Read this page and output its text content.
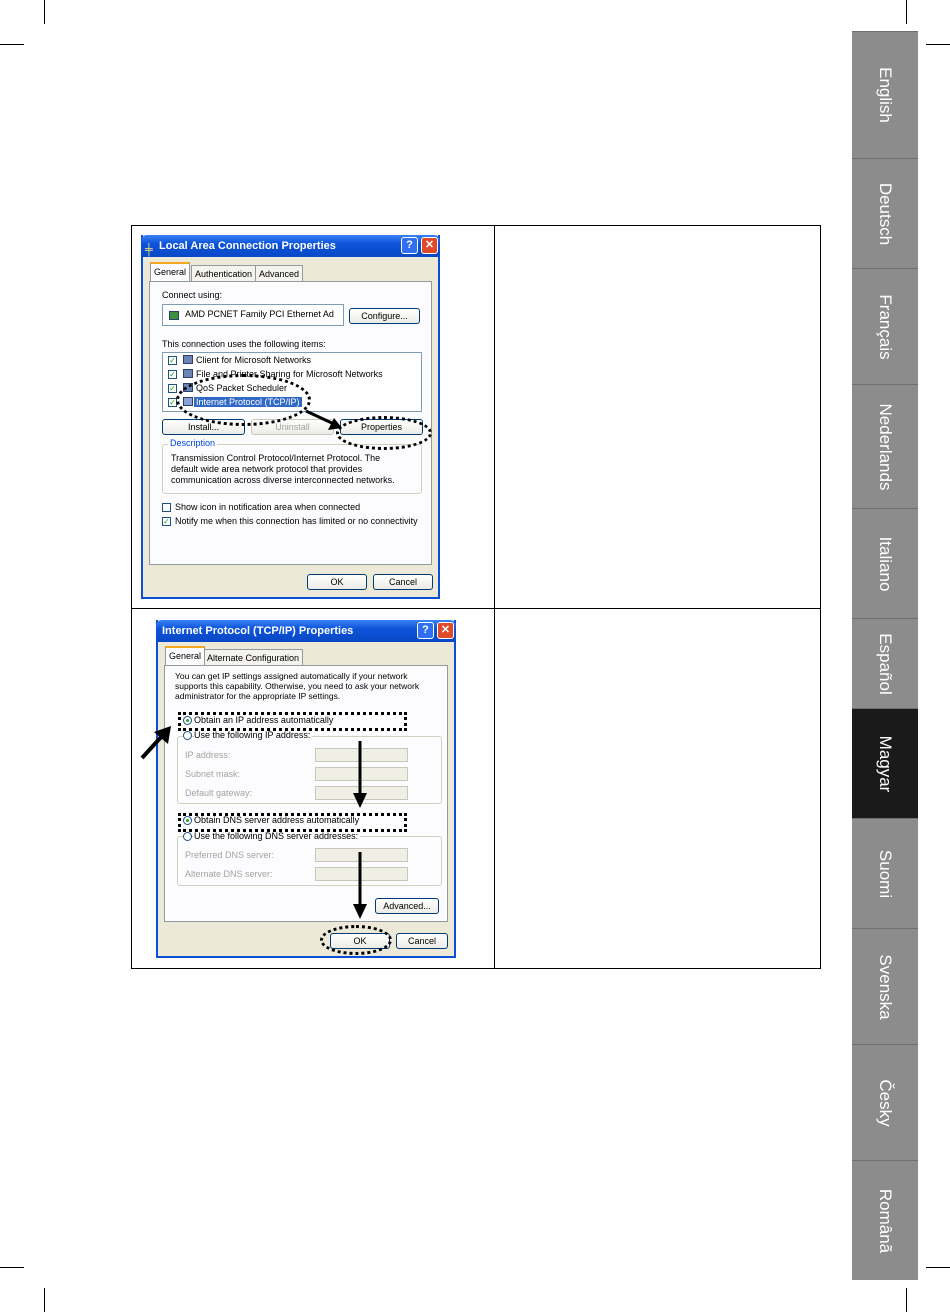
English
Deutsch
Français
Nederlands
Italiano
Español
Magyar
Suomi
Svenska
Česky
Românã
╪ Local Area Connection Properties	?	✕
General Authentication Advanced
Connect using:
AMD PCNET Family PCI Ethernet Ad	Configure...
This connection uses the following items:
✓ Client for Microsoft Networks
✓ File and Printer Sharing for Microsoft Networks
✓ QoS Packet Scheduler
✓ Internet Protocol (TCP/IP)
Install...	Uninstall	Properties
Description
Transmission Control Protocol/Internet Protocol. The default wide area network protocol that provides communication across diverse interconnected networks.
Show icon in notification area when connected
✓ Notify me when this connection has limited or no connectivity
OK	Cancel
Internet Protocol (TCP/IP) Properties	?	✕
General Alternate Configuration
You can get IP settings assigned automatically if your network supports this capability. Otherwise, you need to ask your network administrator for the appropriate IP settings.
Obtain an IP address automatically
Use the following IP address:
IP address:
Subnet mask:
Default gateway:
Obtain DNS server address automatically
Use the following DNS server addresses:
Preferred DNS server:
Alternate DNS server:
Advanced...
OK	Cancel
